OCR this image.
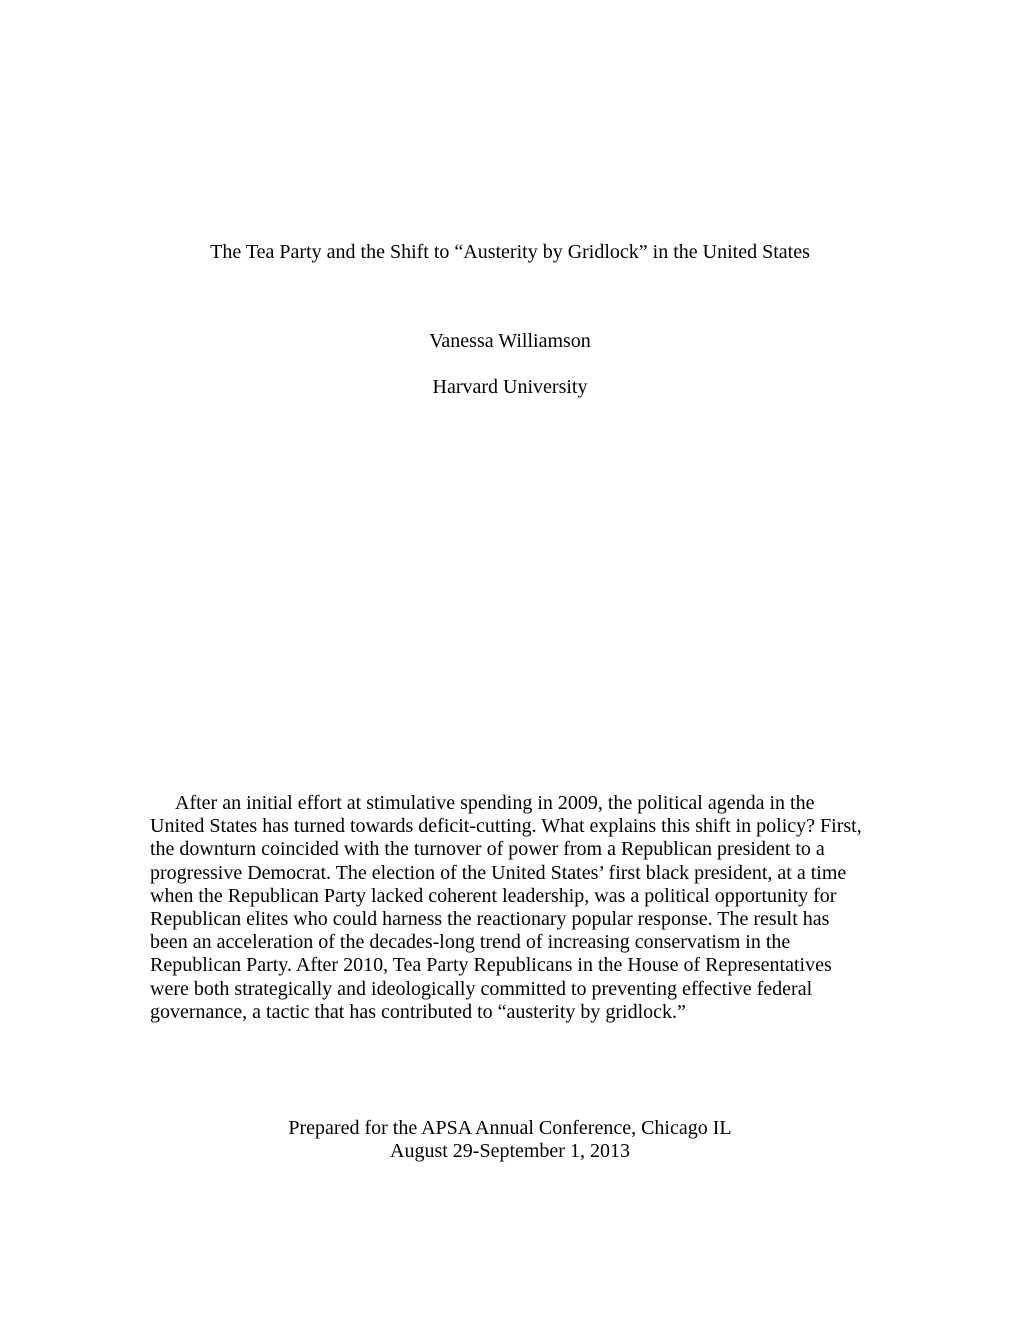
The Tea Party and the Shift to “Austerity by Gridlock” in the United States
Vanessa Williamson
Harvard University
After an initial effort at stimulative spending in 2009, the political agenda in the
United States has turned towards deficit-cutting. What explains this shift in policy? First,
the downturn coincided with the turnover of power from a Republican president to a
progressive Democrat. The election of the United States’ first black president, at a time
when the Republican Party lacked coherent leadership, was a political opportunity for
Republican elites who could harness the reactionary popular response. The result has
been an acceleration of the decades-long trend of increasing conservatism in the
Republican Party. After 2010, Tea Party Republicans in the House of Representatives
were both strategically and ideologically committed to preventing effective federal
governance, a tactic that has contributed to “austerity by gridlock.”
Prepared for the APSA Annual Conference, Chicago IL
August 29-September 1, 2013
